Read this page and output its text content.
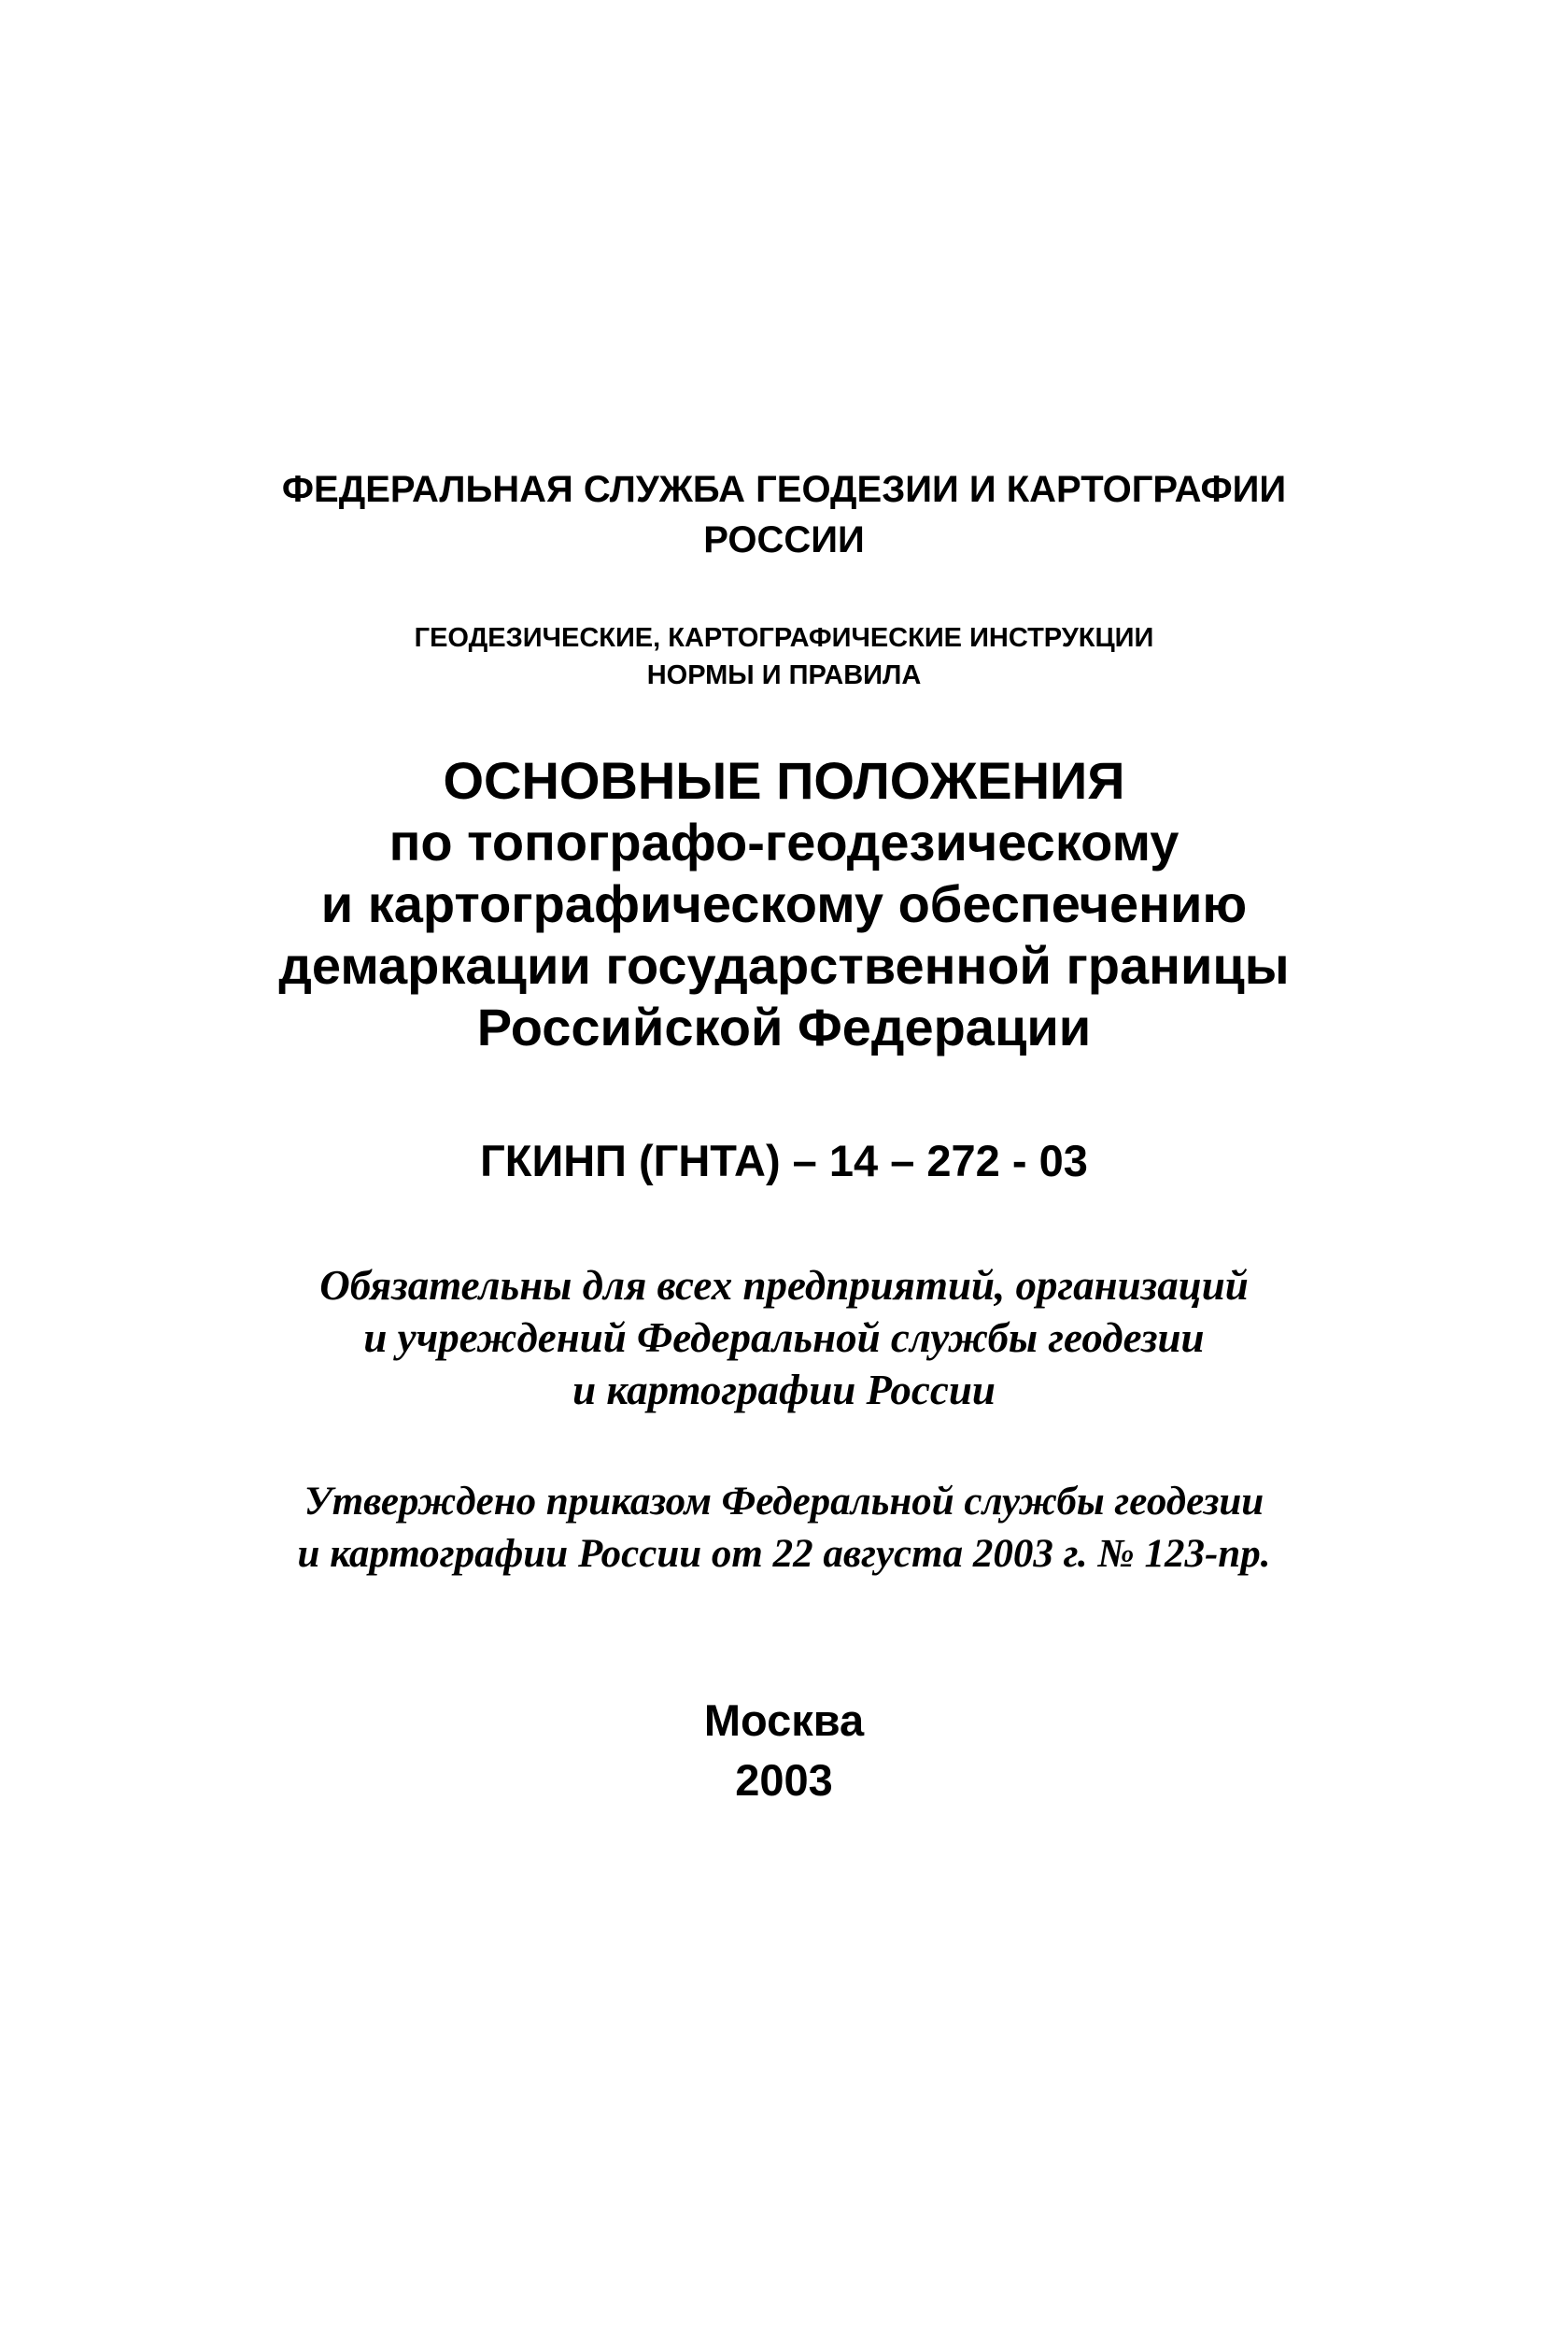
ФЕДЕРАЛЬНАЯ СЛУЖБА ГЕОДЕЗИИ И КАРТОГРАФИИ
РОССИИ
ГЕОДЕЗИЧЕСКИЕ, КАРТОГРАФИЧЕСКИЕ ИНСТРУКЦИИ
НОРМЫ И ПРАВИЛА
ОСНОВНЫЕ ПОЛОЖЕНИЯ
по топографо-геодезическому
и картографическому обеспечению
демаркации государственной границы
Российской Федерации
ГКИНП (ГНТА) – 14 – 272 - 03
Обязательны для всех предприятий, организаций
и учреждений Федеральной службы геодезии
и картографии России
Утверждено приказом Федеральной службы геодезии
и картографии России от 22 августа 2003 г. № 123-пр.
Москва
2003
